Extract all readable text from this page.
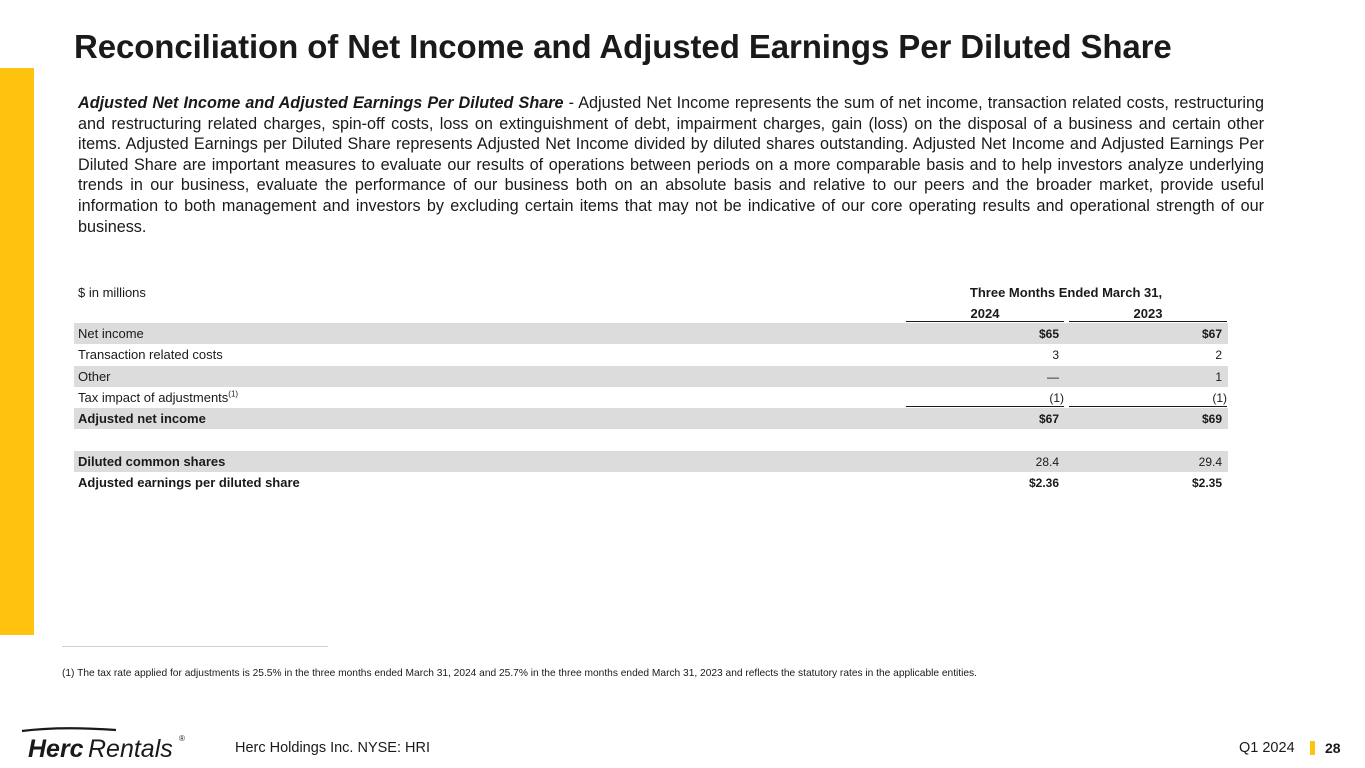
Reconciliation of Net Income and Adjusted Earnings Per Diluted Share

Adjusted Net Income and Adjusted Earnings Per Diluted Share - Adjusted Net Income represents the sum of net income, transaction related costs, restructuring and restructuring related charges, spin-off costs, loss on extinguishment of debt, impairment charges, gain (loss) on the disposal of a business and certain other items. Adjusted Earnings per Diluted Share represents Adjusted Net Income divided by diluted shares outstanding. Adjusted Net Income and Adjusted Earnings Per Diluted Share are important measures to evaluate our results of operations between periods on a more comparable basis and to help investors analyze underlying trends in our business, evaluate the performance of our business both on an absolute basis and relative to our peers and the broader market, provide useful information to both management and investors by excluding certain items that may not be indicative of our core operating results and operational strength of our business.

$ in millions	Three Months Ended March 31,
2024	2023
Net income	$65	$67
Transaction related costs	3	2
Other	—	1
Tax impact of adjustments$^{(1)}$	(1)	(1)
Adjusted net income	$67	$69
Diluted common shares	28.4	29.4
Adjusted earnings per diluted share	$2.36	$2.35

(1) The tax rate applied for adjustments is 25.5% in the three months ended March 31, 2024 and 25.7% in the three months ended March 31, 2023 and reflects the statutory rates in the applicable entities.

Herc Rentals ®
Herc Holdings Inc. NYSE: HRI	Q1 2024 28
